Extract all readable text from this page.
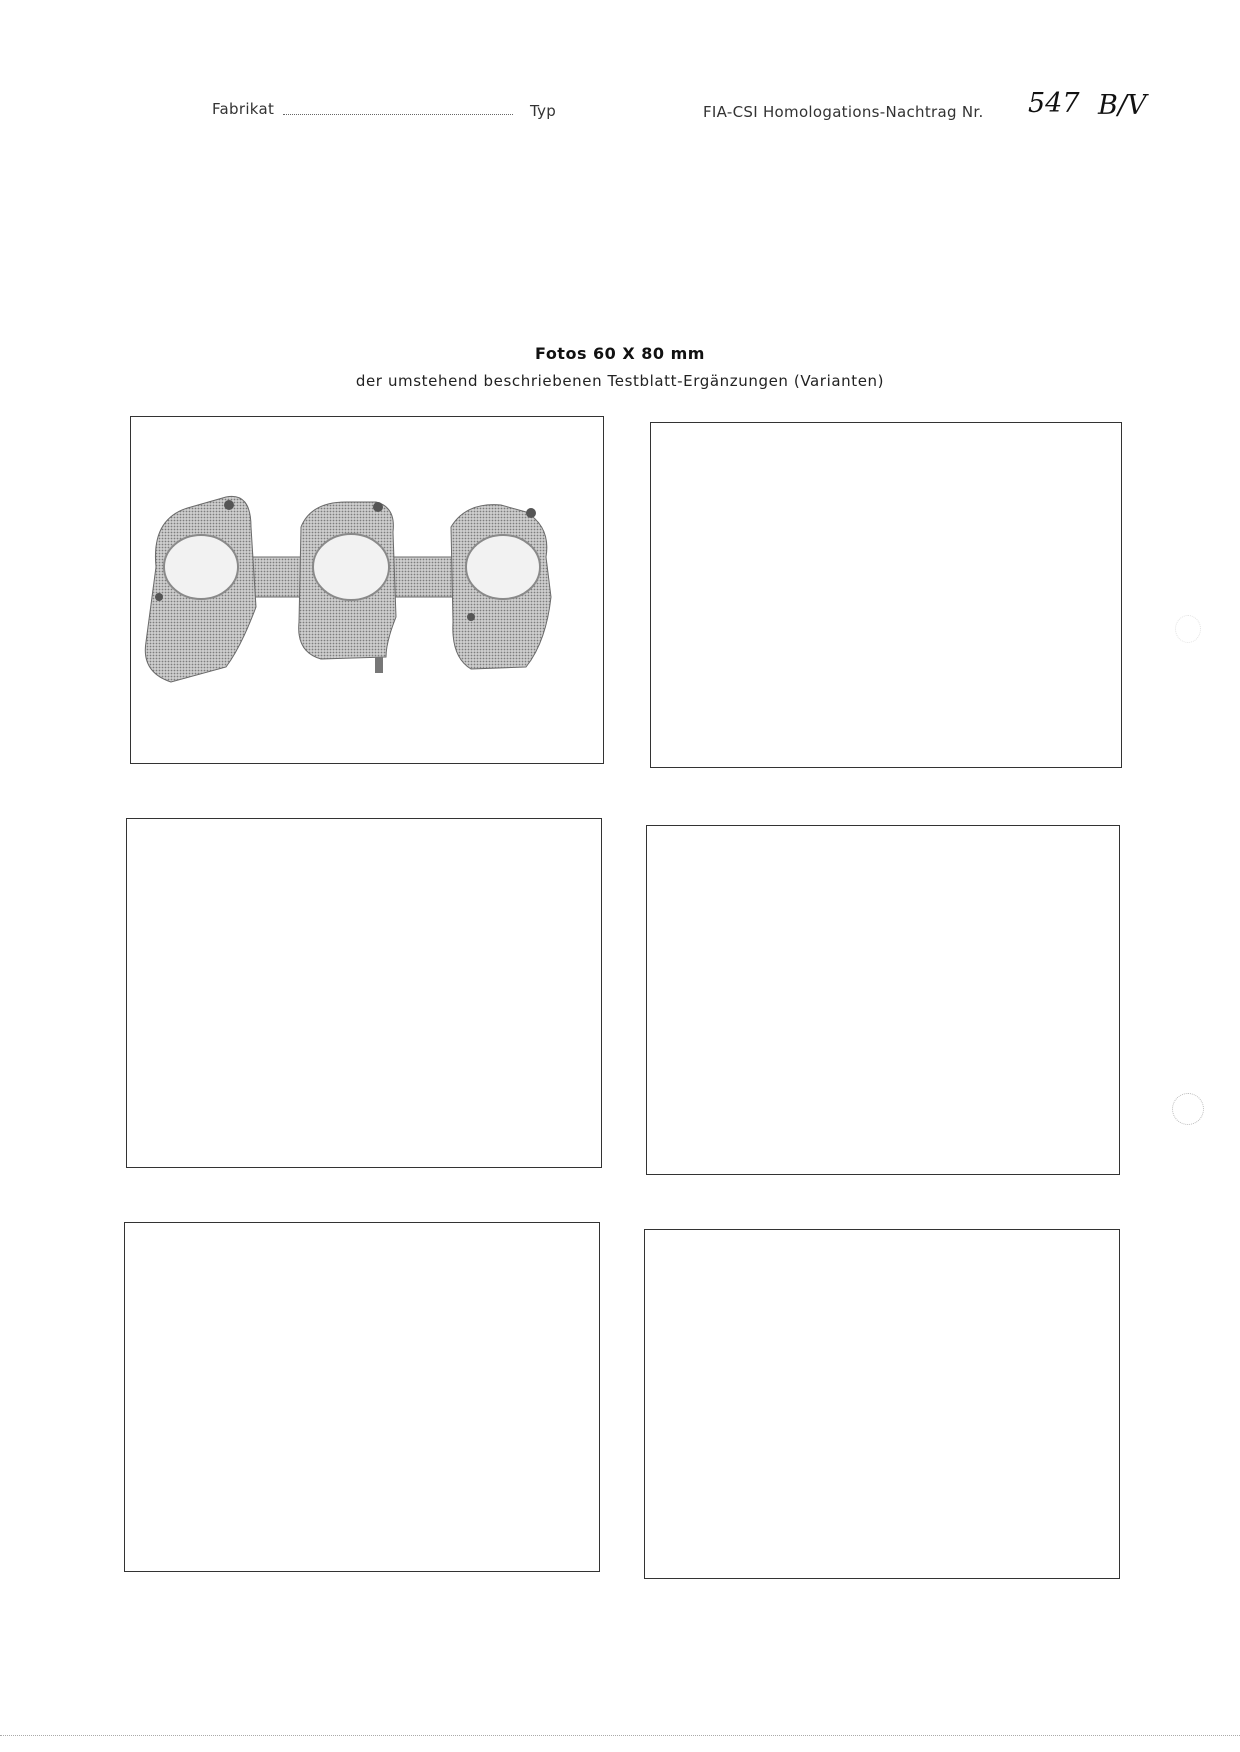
Fabrikat	Typ	FIA-CSI Homologations-Nachtrag Nr. 547 B/V
Fotos 60 X 80 mm
der umstehend beschriebenen Testblatt-Ergänzungen (Varianten)
